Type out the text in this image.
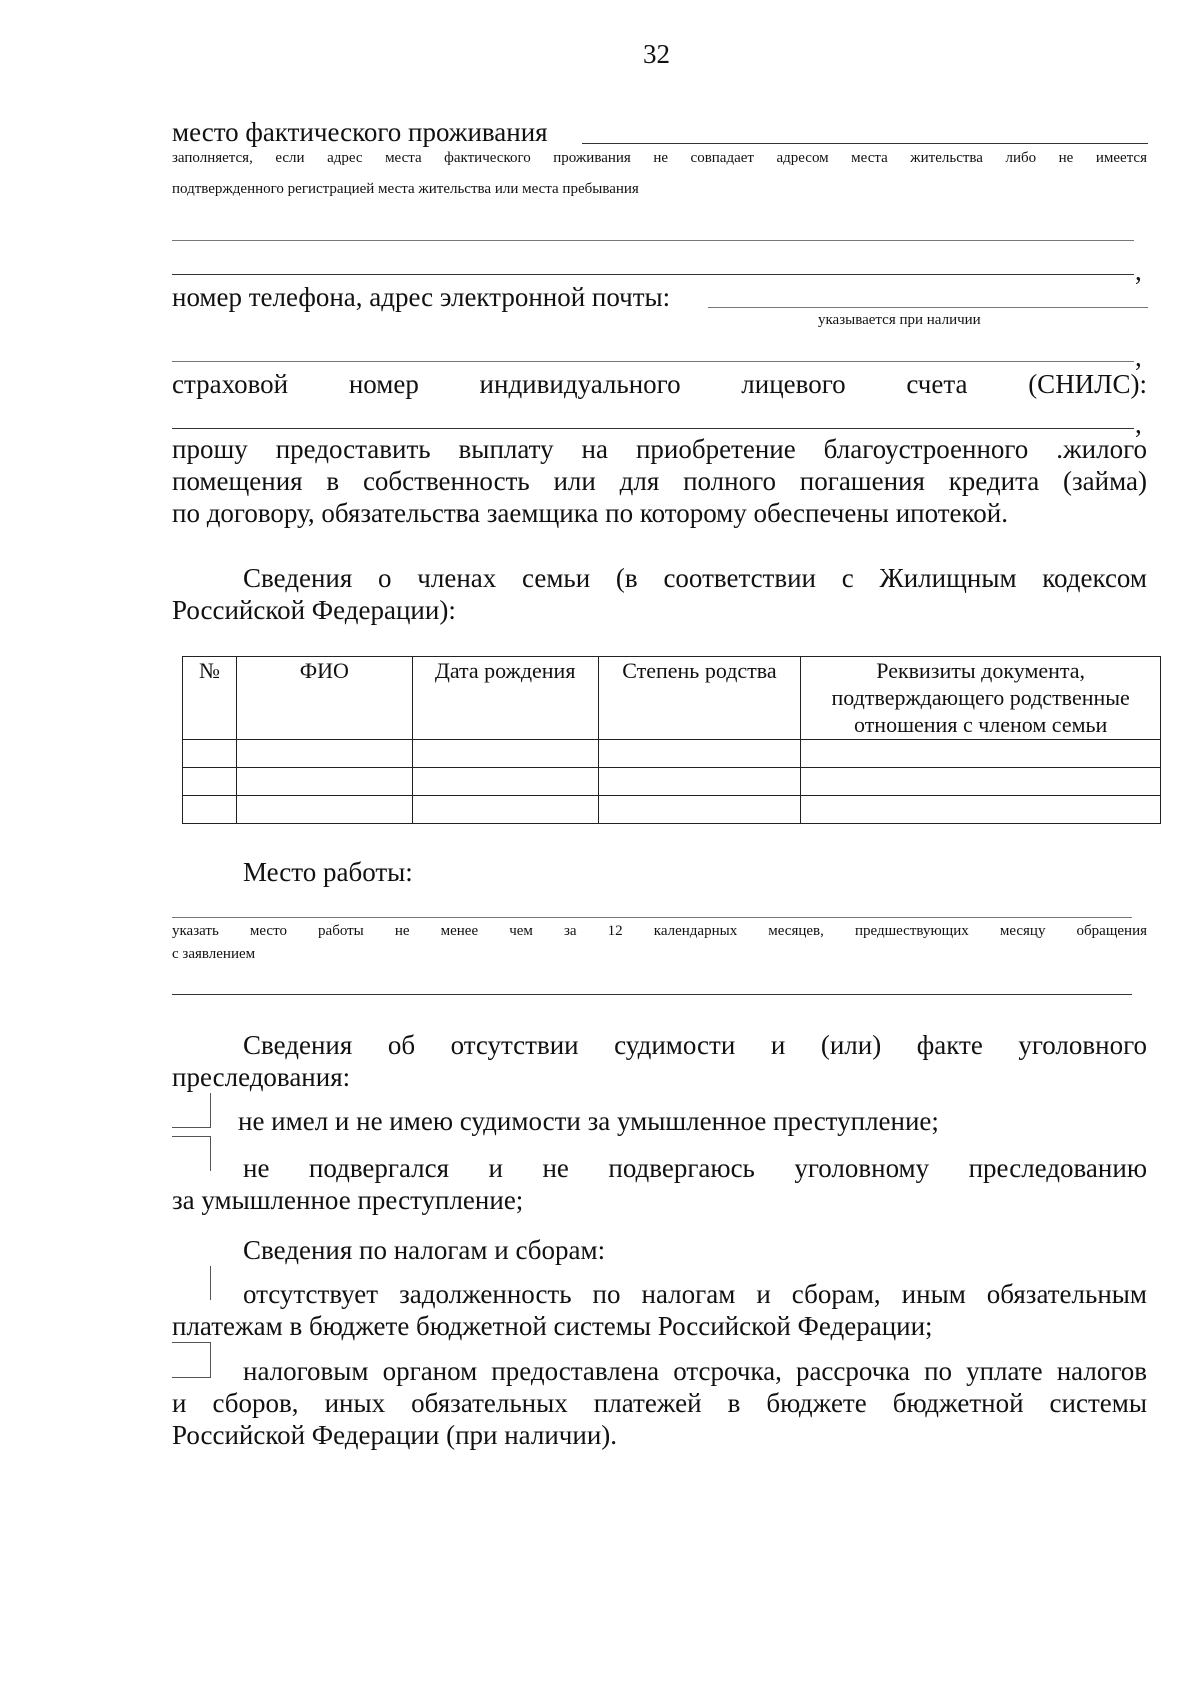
32
место фактического проживания
заполняется, если адрес места фактического проживания не совпадает адресом места жительства либо не имеется
подтвержденного регистрацией места жительства или места пребывания
,
номер телефона, адрес электронной почты:
указывается при наличии
,
страховой номер индивидуального лицевого счета (СНИЛС):
,
прошу предоставить выплату на приобретение благоустроенного .жилого
помещения в собственность или для полного погашения кредита (займа)
по договору, обязательства заемщика по которому обеспечены ипотекой.
Сведения о членах семьи (в соответствии с Жилищным кодексом
Российской Федерации):
№	ФИО	Дата рождения	Степень родства	Реквизиты документа, подтверждающего родственные отношения с членом семьи

Место работы:
указать место работы не менее чем за 12 календарных месяцев, предшествующих месяцу обращения
с заявлением
Сведения об отсутствии судимости и (или) факте уголовного
преследования:
не имел и не имею судимости за умышленное преступление;
не подвергался и не подвергаюсь уголовному преследованию
за умышленное преступление;
Сведения по налогам и сборам:
отсутствует задолженность по налогам и сборам, иным обязательным
платежам в бюджете бюджетной системы Российской Федерации;
налоговым органом предоставлена отсрочка, рассрочка по уплате налогов
и сборов, иных обязательных платежей в бюджете бюджетной системы
Российской Федерации (при наличии).
